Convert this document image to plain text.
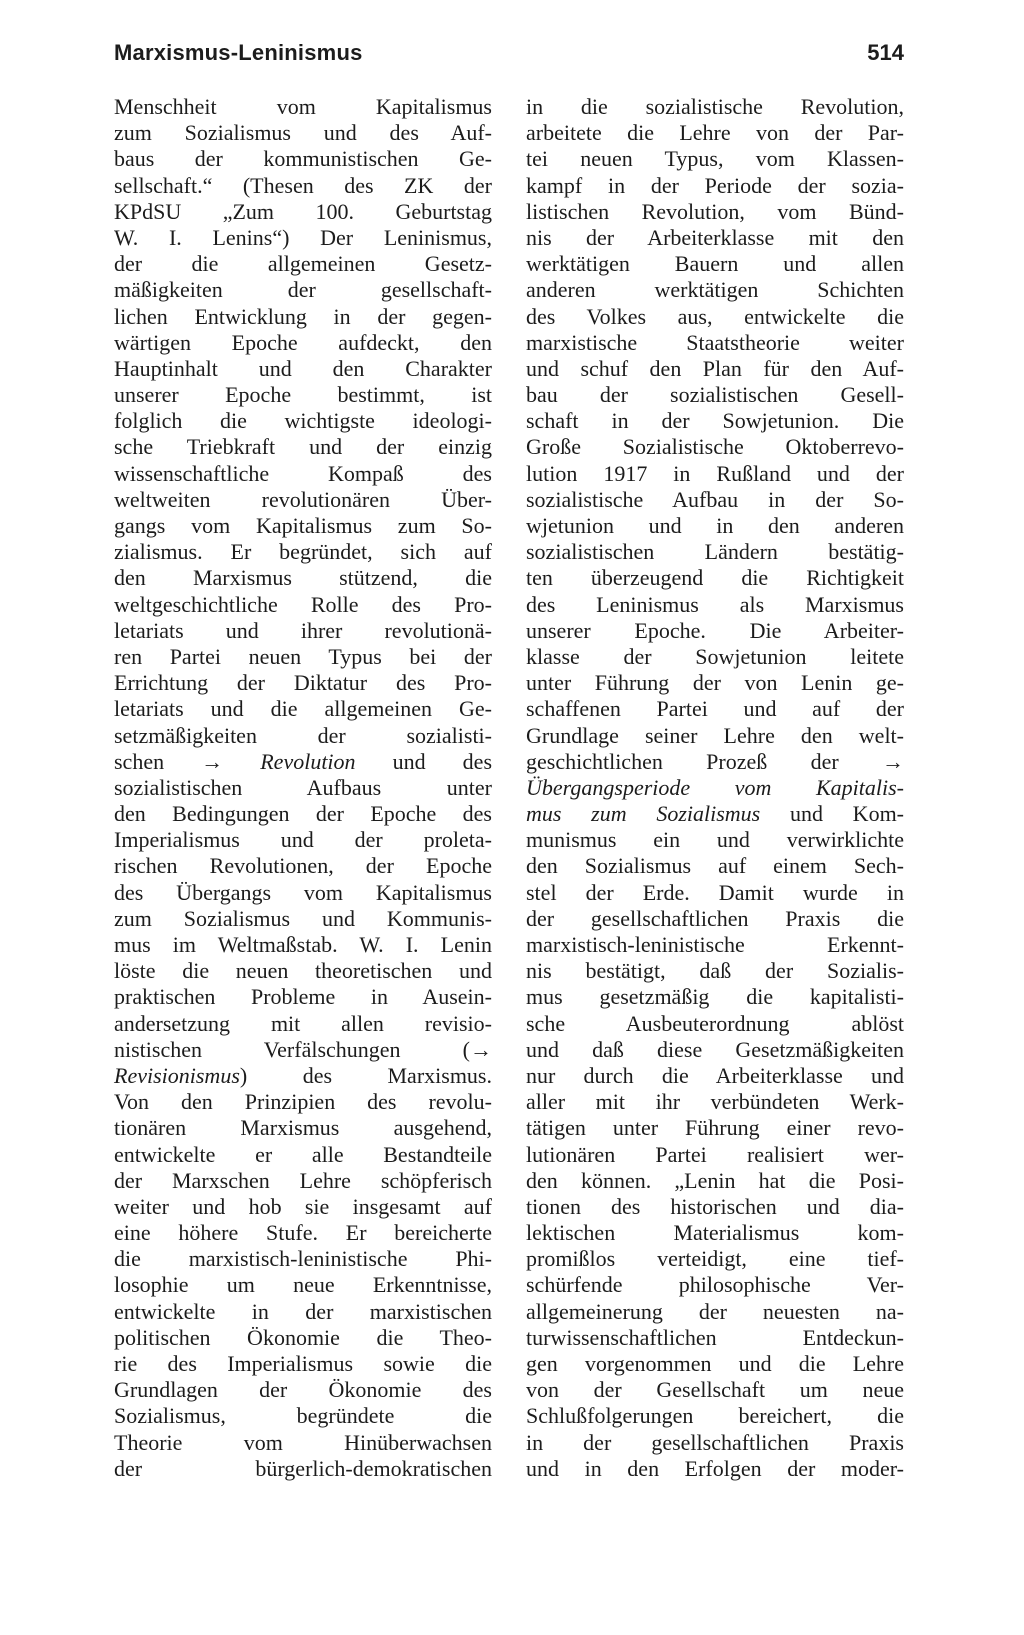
Marxismus-Leninismus	514
Menschheit vom Kapitalismus
zum Sozialismus und des Auf-
baus der kommunistischen Ge-
sellschaft.“ (Thesen des ZK der
KPdSU „Zum 100. Geburtstag
W. I. Lenins“) Der Leninismus,
der die allgemeinen Gesetz-
mäßigkeiten der gesellschaft-
lichen Entwicklung in der gegen-
wärtigen Epoche aufdeckt, den
Hauptinhalt und den Charakter
unserer Epoche bestimmt, ist
folglich die wichtigste ideologi-
sche Triebkraft und der einzig
wissenschaftliche Kompaß des
weltweiten revolutionären Über-
gangs vom Kapitalismus zum So-
zialismus. Er begründet, sich auf
den Marxismus stützend, die
weltgeschichtliche Rolle des Pro-
letariats und ihrer revolutionä-
ren Partei neuen Typus bei der
Errichtung der Diktatur des Pro-
letariats und die allgemeinen Ge-
setzmäßigkeiten der sozialisti-
schen → Revolution und des
sozialistischen Aufbaus unter
den Bedingungen der Epoche des
Imperialismus und der proleta-
rischen Revolutionen, der Epoche
des Übergangs vom Kapitalismus
zum Sozialismus und Kommunis-
mus im Weltmaßstab. W. I. Lenin
löste die neuen theoretischen und
praktischen Probleme in Ausein-
andersetzung mit allen revisio-
nistischen Verfälschungen (→
Revisionismus) des Marxismus.
Von den Prinzipien des revolu-
tionären Marxismus ausgehend,
entwickelte er alle Bestandteile
der Marxschen Lehre schöpferisch
weiter und hob sie insgesamt auf
eine höhere Stufe. Er bereicherte
die marxistisch-leninistische Phi-
losophie um neue Erkenntnisse,
entwickelte in der marxistischen
politischen Ökonomie die Theo-
rie des Imperialismus sowie die
Grundlagen der Ökonomie des
Sozialismus, begründete die
Theorie vom Hinüberwachsen
der bürgerlich-demokratischen
in die sozialistische Revolution,
arbeitete die Lehre von der Par-
tei neuen Typus, vom Klassen-
kampf in der Periode der sozia-
listischen Revolution, vom Bünd-
nis der Arbeiterklasse mit den
werktätigen Bauern und allen
anderen werktätigen Schichten
des Volkes aus, entwickelte die
marxistische Staatstheorie weiter
und schuf den Plan für den Auf-
bau der sozialistischen Gesell-
schaft in der Sowjetunion. Die
Große Sozialistische Oktoberrevo-
lution 1917 in Rußland und der
sozialistische Aufbau in der So-
wjetunion und in den anderen
sozialistischen Ländern bestätig-
ten überzeugend die Richtigkeit
des Leninismus als Marxismus
unserer Epoche. Die Arbeiter-
klasse der Sowjetunion leitete
unter Führung der von Lenin ge-
schaffenen Partei und auf der
Grundlage seiner Lehre den welt-
geschichtlichen Prozeß der →
Übergangsperiode vom Kapitalis-
mus zum Sozialismus und Kom-
munismus ein und verwirklichte
den Sozialismus auf einem Sech-
stel der Erde. Damit wurde in
der gesellschaftlichen Praxis die
marxistisch-leninistische Erkennt-
nis bestätigt, daß der Sozialis-
mus gesetzmäßig die kapitalisti-
sche Ausbeuterordnung ablöst
und daß diese Gesetzmäßigkeiten
nur durch die Arbeiterklasse und
aller mit ihr verbündeten Werk-
tätigen unter Führung einer revo-
lutionären Partei realisiert wer-
den können. „Lenin hat die Posi-
tionen des historischen und dia-
lektischen Materialismus kom-
promißlos verteidigt, eine tief-
schürfende philosophische Ver-
allgemeinerung der neuesten na-
turwissenschaftlichen Entdeckun-
gen vorgenommen und die Lehre
von der Gesellschaft um neue
Schlußfolgerungen bereichert, die
in der gesellschaftlichen Praxis
und in den Erfolgen der moder-
